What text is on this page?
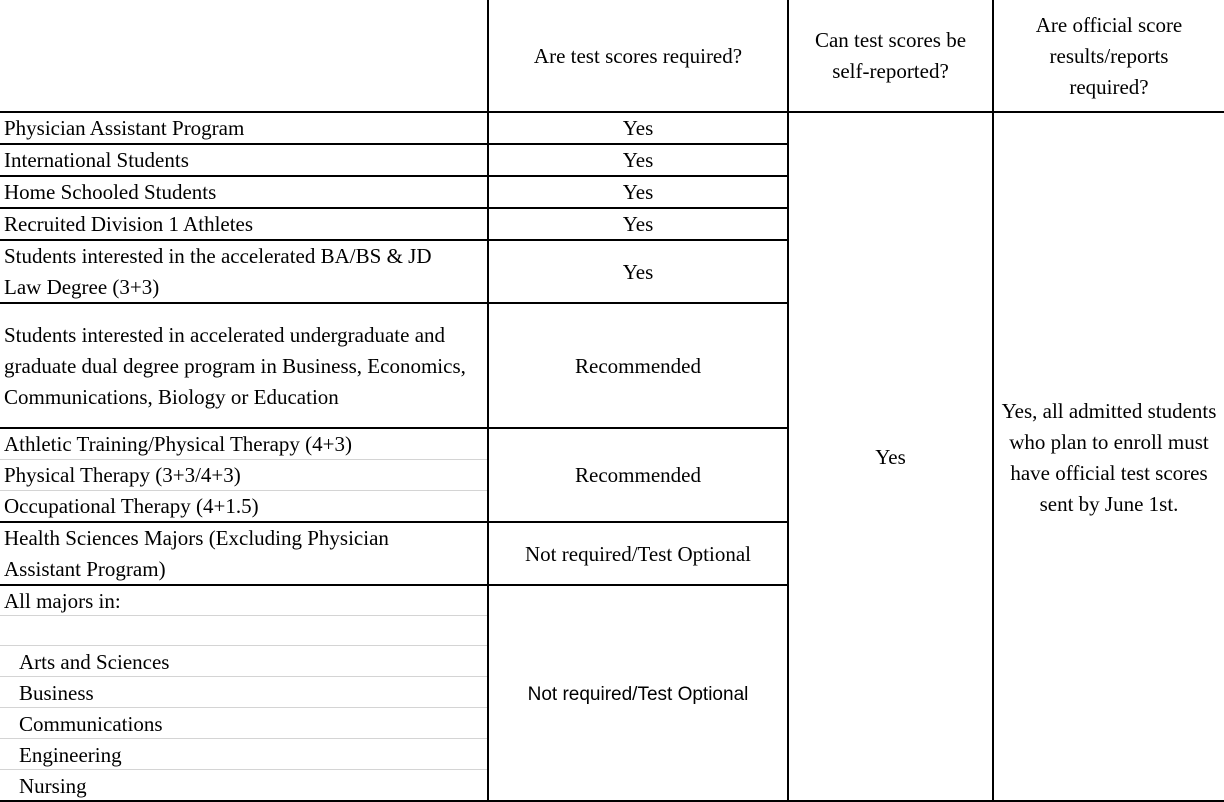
Are test scores required?
Can test scores be self-reported?
Are official score results/reports required?
Physician Assistant Program
International Students
Home Schooled Students
Recruited Division 1 Athletes
Students interested in the accelerated BA/BS & JD Law Degree (3+3)
Students interested in accelerated undergraduate and graduate dual degree program in Business, Economics, Communications, Biology or Education
Athletic Training/Physical Therapy (4+3)
Physical Therapy (3+3/4+3)
Occupational Therapy (4+1.5)
Health Sciences Majors (Excluding Physician Assistant Program)
All majors in:
Arts and Sciences
Business
Communications
Engineering
Nursing
Yes
Yes
Yes
Yes
Yes
Recommended
Recommended
Not required/Test Optional
Not required/Test Optional
Yes
Yes, all admitted students who plan to enroll must have official test scores sent by June 1st.
